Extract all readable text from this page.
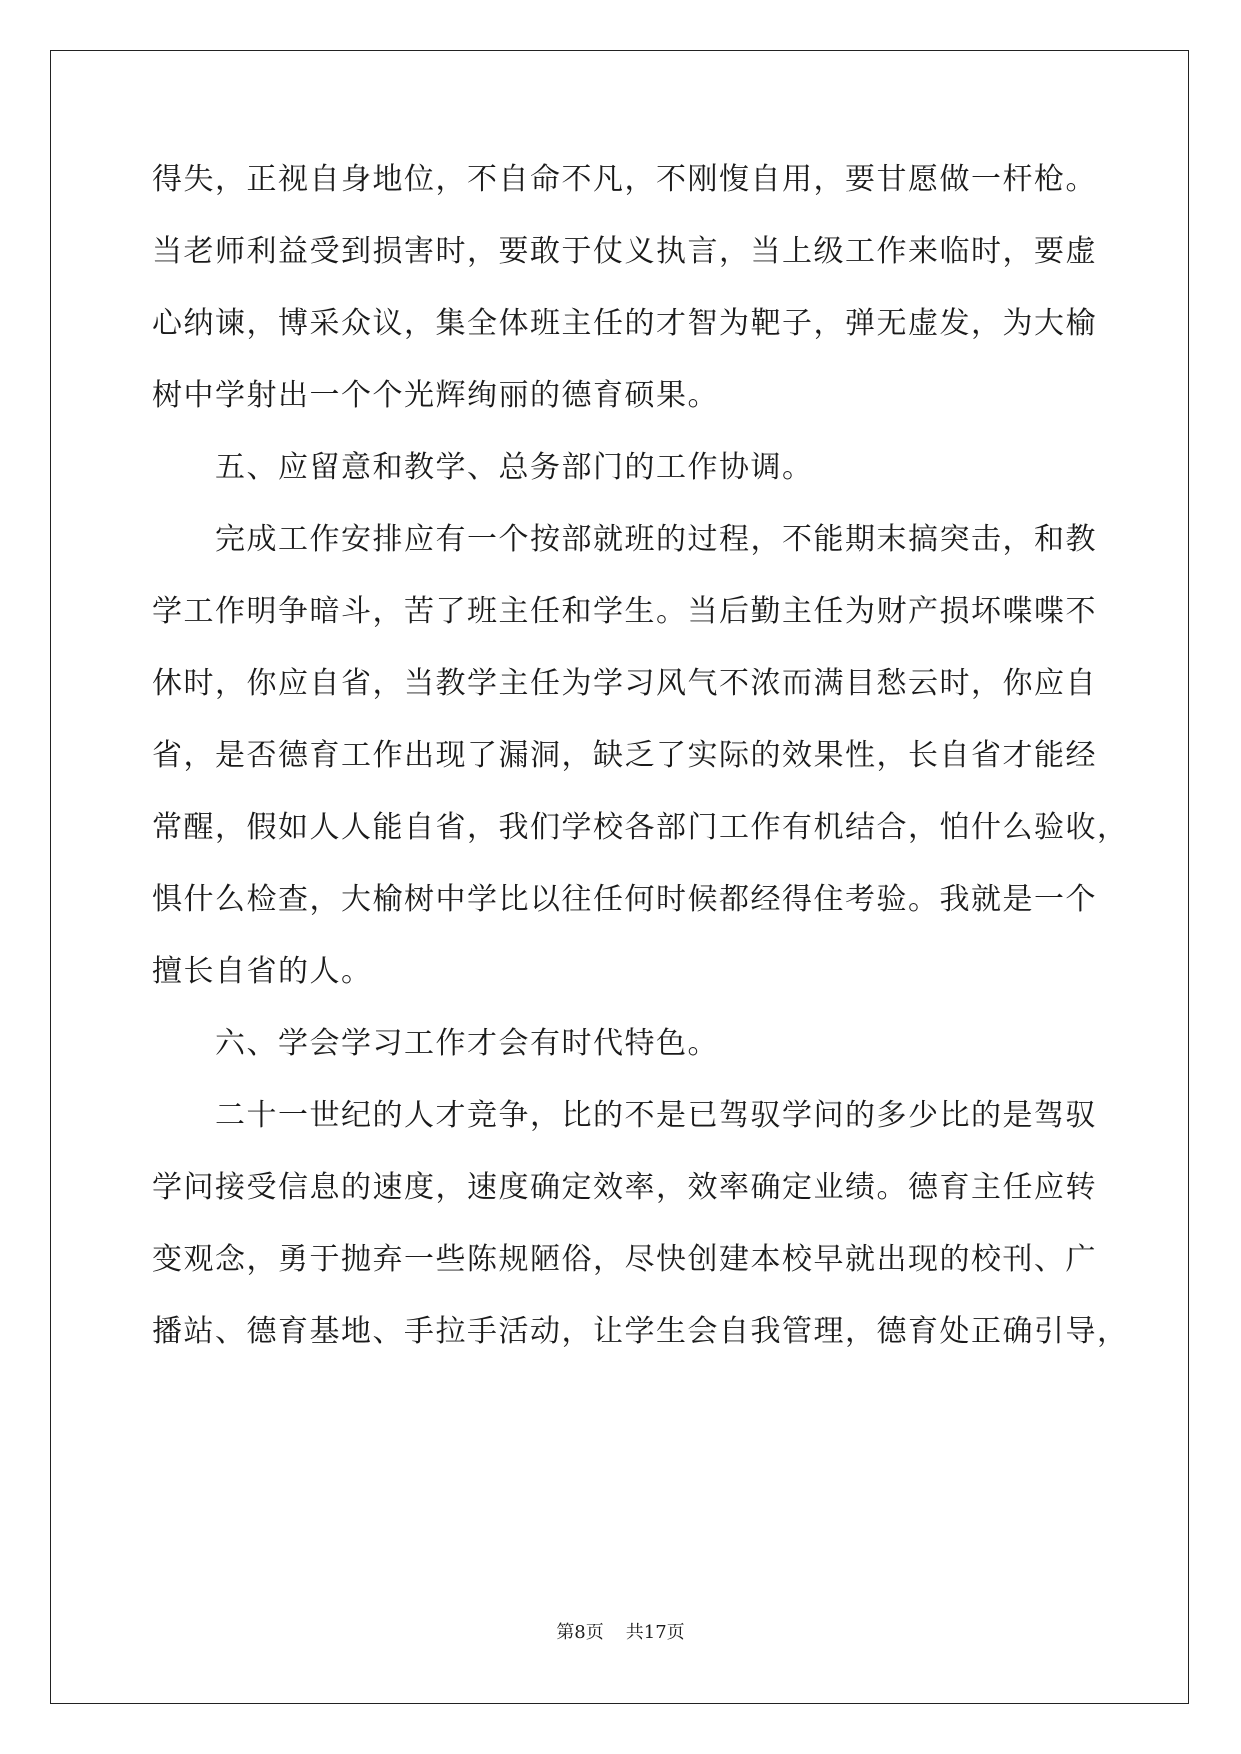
得失，正视自身地位，不自命不凡，不刚愎自用，要甘愿做一杆枪。
当老师利益受到损害时，要敢于仗义执言，当上级工作来临时，要虚
心纳谏，博采众议，集全体班主任的才智为靶子，弹无虚发，为大榆
树中学射出一个个光辉绚丽的德育硕果。
　　五、应留意和教学、总务部门的工作协调。
　　完成工作安排应有一个按部就班的过程，不能期末搞突击，和教
学工作明争暗斗，苦了班主任和学生。当后勤主任为财产损坏喋喋不
休时，你应自省，当教学主任为学习风气不浓而满目愁云时，你应自
省，是否德育工作出现了漏洞，缺乏了实际的效果性，长自省才能经
常醒，假如人人能自省，我们学校各部门工作有机结合，怕什么验收，
惧什么检查，大榆树中学比以往任何时候都经得住考验。我就是一个
擅长自省的人。
　　六、学会学习工作才会有时代特色。
　　二十一世纪的人才竞争，比的不是已驾驭学问的多少比的是驾驭
学问接受信息的速度，速度确定效率，效率确定业绩。德育主任应转
变观念，勇于抛弃一些陈规陋俗，尽快创建本校早就出现的校刊、广
播站、德育基地、手拉手活动，让学生会自我管理，德育处正确引导，
第8页 共17页
